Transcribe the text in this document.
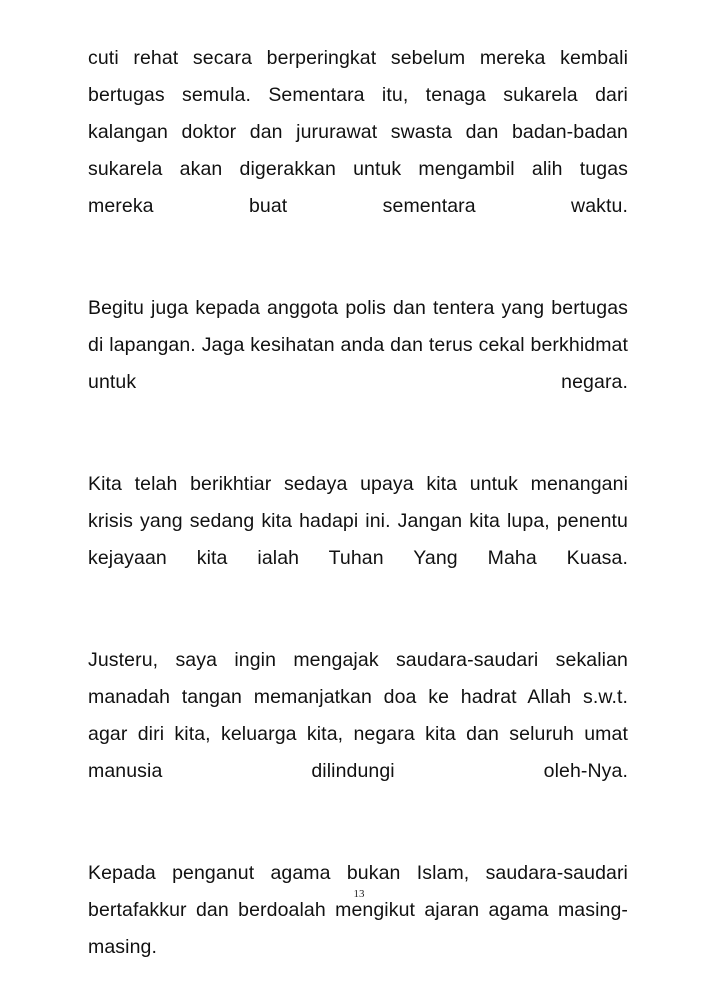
cuti rehat secara berperingkat sebelum mereka kembali bertugas semula. Sementara itu, tenaga sukarela dari kalangan doktor dan jururawat swasta dan badan-badan sukarela akan digerakkan untuk mengambil alih tugas mereka buat sementara waktu.

Begitu juga kepada anggota polis dan tentera yang bertugas di lapangan. Jaga kesihatan anda dan terus cekal berkhidmat untuk negara.

Kita telah berikhtiar sedaya upaya kita untuk menangani krisis yang sedang kita hadapi ini. Jangan kita lupa, penentu kejayaan kita ialah Tuhan Yang Maha Kuasa.

Justeru, saya ingin mengajak saudara-saudari sekalian manadah tangan memanjatkan doa ke hadrat Allah s.w.t. agar diri kita, keluarga kita, negara kita dan seluruh umat manusia dilindungi oleh-Nya.

Kepada penganut agama bukan Islam, saudara-saudari bertafakkur dan berdoalah mengikut ajaran agama masing-masing.

13
